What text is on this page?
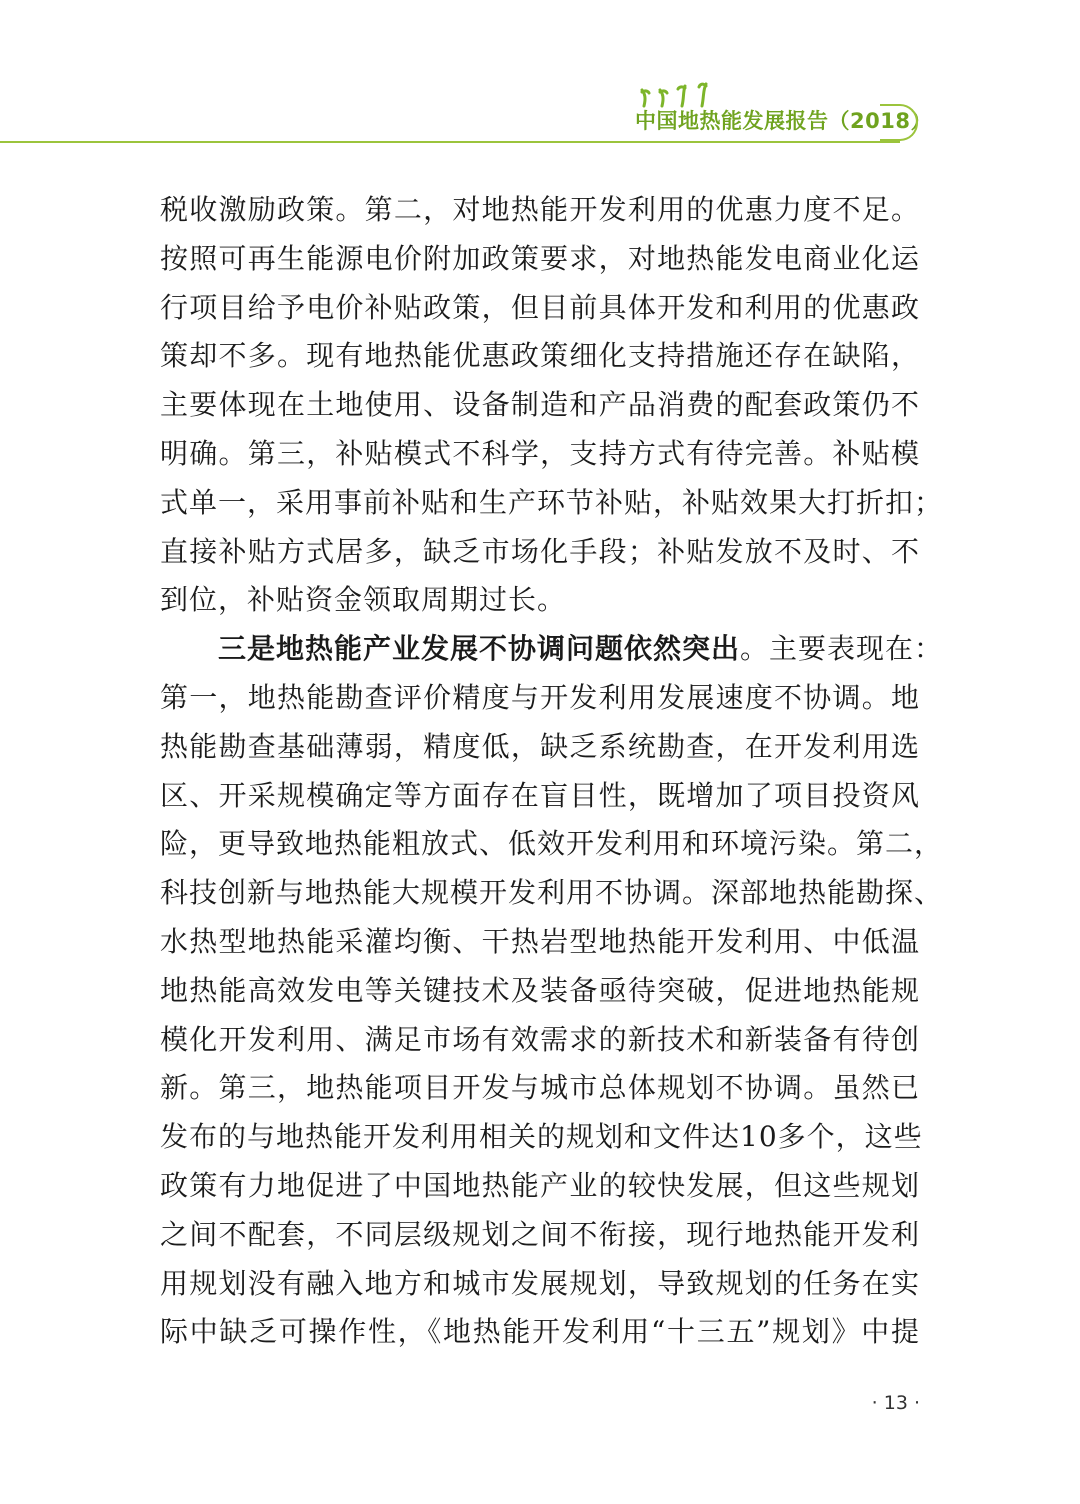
中国地热能发展报告（2018）
税收激励政策。第二，对地热能开发利用的优惠力度不足。
按照可再生能源电价附加政策要求，对地热能发电商业化运
行项目给予电价补贴政策，但目前具体开发和利用的优惠政
策却不多。现有地热能优惠政策细化支持措施还存在缺陷，
主要体现在土地使用、设备制造和产品消费的配套政策仍不
明确。第三，补贴模式不科学，支持方式有待完善。补贴模
式单一，采用事前补贴和生产环节补贴，补贴效果大打折扣；
直接补贴方式居多，缺乏市场化手段；补贴发放不及时、不
到位，补贴资金领取周期过长。
三是地热能产业发展不协调问题依然突出。主要表现在：
第一，地热能勘查评价精度与开发利用发展速度不协调。地
热能勘查基础薄弱，精度低，缺乏系统勘查，在开发利用选
区、开采规模确定等方面存在盲目性，既增加了项目投资风
险，更导致地热能粗放式、低效开发利用和环境污染。第二，
科技创新与地热能大规模开发利用不协调。深部地热能勘探、
水热型地热能采灌均衡、干热岩型地热能开发利用、中低温
地热能高效发电等关键技术及装备亟待突破，促进地热能规
模化开发利用、满足市场有效需求的新技术和新装备有待创
新。第三，地热能项目开发与城市总体规划不协调。虽然已
发布的与地热能开发利用相关的规划和文件达10多个，这些
政策有力地促进了中国地热能产业的较快发展，但这些规划
之间不配套，不同层级规划之间不衔接，现行地热能开发利
用规划没有融入地方和城市发展规划，导致规划的任务在实
际中缺乏可操作性，《地热能开发利用“十三五”规划》中提
· 13 ·
